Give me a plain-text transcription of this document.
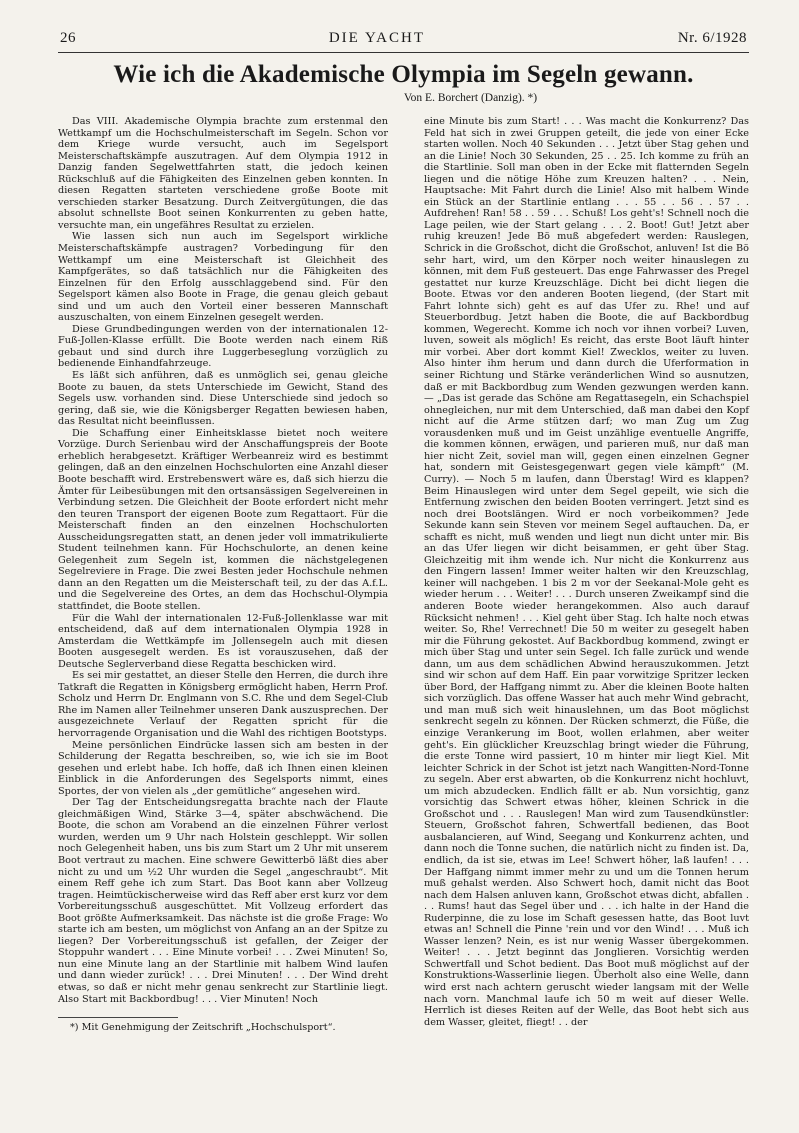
26	DIE YACHT	Nr. 6/1928
Wie ich die Akademische Olympia im Segeln gewann.
Von E. Borchert (Danzig). *)

Das VIII. Akademische Olympia brachte zum erstenmal den Wettkampf um die Hochschulmeisterschaft im Segeln. Schon vor dem Kriege wurde versucht, auch im Segelsport Meisterschaftskämpfe auszutragen. Auf dem Olympia 1912 in Danzig fanden Segelwettfahrten statt, die jedoch keinen Rückschluß auf die Fähigkeiten des Einzelnen geben konnten. In diesen Regatten starteten verschiedene große Boote mit verschieden starker Besatzung. Durch Zeitvergütungen, die das absolut schnellste Boot seinen Konkurrenten zu geben hatte, versuchte man, ein ungefähres Resultat zu erzielen.

Wie lassen sich nun auch im Segelsport wirkliche Meisterschaftskämpfe austragen? Vorbedingung für den Wettkampf um eine Meisterschaft ist Gleichheit des Kampfgerätes, so daß tatsächlich nur die Fähigkeiten des Einzelnen für den Erfolg ausschlaggebend sind. Für den Segelsport kämen also Boote in Frage, die genau gleich gebaut sind und um auch den Vorteil einer besseren Mannschaft auszuschalten, von einem Einzelnen gesegelt werden.

Diese Grundbedingungen werden von der internationalen 12-Fuß-Jollen-Klasse erfüllt. Die Boote werden nach einem Riß gebaut und sind durch ihre Luggerbeseglung vorzüglich zu bedienende Einhandfahrzeuge.

Es läßt sich anführen, daß es unmöglich sei, genau gleiche Boote zu bauen, da stets Unterschiede im Gewicht, Stand des Segels usw. vorhanden sind. Diese Unterschiede sind jedoch so gering, daß sie, wie die Königsberger Regatten bewiesen haben, das Resultat nicht beeinflussen.

Die Schaffung einer Einheitsklasse bietet noch weitere Vorzüge. Durch Serienbau wird der Anschaffungspreis der Boote erheblich herabgesetzt. Kräftiger Werbeanreiz wird es bestimmt gelingen, daß an den einzelnen Hochschulorten eine Anzahl dieser Boote beschafft wird. Erstrebenswert wäre es, daß sich hierzu die Ämter für Leibesübungen mit den ortsansässigen Segelvereinen in Verbindung setzen. Die Gleichheit der Boote erfordert nicht mehr den teuren Transport der eigenen Boote zum Regattaort. Für die Meisterschaft finden an den einzelnen Hochschulorten Ausscheidungsregatten statt, an denen jeder voll immatrikulierte Student teilnehmen kann. Für Hochschulorte, an denen keine Gelegenheit zum Segeln ist, kommen die nächstgelegenen Segelreviere in Frage. Die zwei Besten jeder Hochschule nehmen dann an den Regatten um die Meisterschaft teil, zu der das A.f.L. und die Segelvereine des Ortes, an dem das Hochschul-Olympia stattfindet, die Boote stellen.

Für die Wahl der internationalen 12-Fuß-Jollenklasse war mit entscheidend, daß auf dem internationalen Olympia 1928 in Amsterdam die Wettkämpfe im Jollensegeln auch mit diesen Booten ausgesegelt werden. Es ist vorauszusehen, daß der Deutsche Seglerverband diese Regatta beschicken wird.

Es sei mir gestattet, an dieser Stelle den Herren, die durch ihre Tatkraft die Regatten in Königsberg ermöglicht haben, Herrn Prof. Scholz und Herrn Dr. Englmann von S.C. Rhe und dem Segel-Club Rhe im Namen aller Teilnehmer unseren Dank auszusprechen. Der ausgezeichnete Verlauf der Regatten spricht für die hervorragende Organisation und die Wahl des richtigen Bootstyps.

Meine persönlichen Eindrücke lassen sich am besten in der Schilderung der Regatta beschreiben, so, wie ich sie im Boot gesehen und erlebt habe. Ich hoffe, daß ich Ihnen einen kleinen Einblick in die Anforderungen des Segelsports nimmt, eines Sportes, der von vielen als „der gemütliche“ angesehen wird.

Der Tag der Entscheidungsregatta brachte nach der Flaute gleichmäßigen Wind, Stärke 3—4, später abschwächend. Die Boote, die schon am Vorabend an die einzelnen Führer verlost wurden, werden um 9 Uhr nach Holstein geschleppt. Wir sollen noch Gelegenheit haben, uns bis zum Start um 2 Uhr mit unserem Boot vertraut zu machen. Eine schwere Gewitterbö läßt dies aber nicht zu und um ½2 Uhr wurden die Segel „angeschraubt“. Mit einem Reff gehe ich zum Start. Das Boot kann aber Vollzeug tragen. Heimtückischerweise wird das Reff aber erst kurz vor dem Vorbereitungsschuß ausgeschüttet. Mit Vollzeug erfordert das Boot größte Aufmerksamkeit. Das nächste ist die große Frage: Wo starte ich am besten, um möglichst von Anfang an an der Spitze zu liegen? Der Vorbereitungsschuß ist gefallen, der Zeiger der Stoppuhr wandert . . . Eine Minute vorbei! . . . Zwei Minuten! So, nun eine Minute lang an der Startlinie mit halbem Wind laufen und dann wieder zurück! . . . Drei Minuten! . . . Der Wind dreht etwas, so daß er nicht mehr genau senkrecht zur Startlinie liegt. Also Start mit Backbordbug! . . . Vier Minuten! Noch

eine Minute bis zum Start! . . . Was macht die Konkurrenz? Das Feld hat sich in zwei Gruppen geteilt, die jede von einer Ecke starten wollen. Noch 40 Sekunden . . . Jetzt über Stag gehen und an die Linie! Noch 30 Sekunden, 25 . . 25. Ich komme zu früh an die Startlinie. Soll man oben in der Ecke mit flatternden Segeln liegen und die nötige Höhe zum Kreuzen halten? . . . Nein, Hauptsache: Mit Fahrt durch die Linie! Also mit halbem Winde ein Stück an der Startlinie entlang . . . 55 . . 56 . . 57 . . Aufdrehen! Ran! 58 . . 59 . . . Schuß! Los geht's! Schnell noch die Lage peilen, wie der Start gelang . . . 2. Boot! Gut! Jetzt aber ruhig kreuzen! Jede Bö muß abgefedert werden: Rauslegen, Schrick in die Großschot, dicht die Großschot, anluven! Ist die Bö sehr hart, wird, um den Körper noch weiter hinauslegen zu können, mit dem Fuß gesteuert. Das enge Fahrwasser des Pregel gestattet nur kurze Kreuzschläge. Dicht bei dicht liegen die Boote. Etwas vor den anderen Booten liegend, (der Start mit Fahrt lohnte sich) geht es auf das Ufer zu. Rhe! und auf Steuerbordbug. Jetzt haben die Boote, die auf Backbordbug kommen, Wegerecht. Komme ich noch vor ihnen vorbei? Luven, luven, soweit als möglich! Es reicht, das erste Boot läuft hinter mir vorbei. Aber dort kommt Kiel! Zwecklos, weiter zu luven. Also hinter ihm herum und dann durch die Uferformation in seiner Richtung und Stärke veränderlichen Wind so ausnutzen, daß er mit Backbordbug zum Wenden gezwungen werden kann. — „Das ist gerade das Schöne am Regattasegeln, ein Schachspiel ohnegleichen, nur mit dem Unterschied, daß man dabei den Kopf nicht auf die Arme stützen darf; wo man Zug um Zug vorausdenken muß und im Geist unzählige eventuelle Angriffe, die kommen können, erwägen, und parieren muß, nur daß man hier nicht Zeit, soviel man will, gegen einen einzelnen Gegner hat, sondern mit Geistesgegenwart gegen viele kämpft“ (M. Curry). — Noch 5 m laufen, dann Überstag! Wird es klappen? Beim Hinauslegen wird unter dem Segel gepeilt, wie sich die Entfernung zwischen den beiden Booten verringert. Jetzt sind es noch drei Bootslängen. Wird er noch vorbeikommen? Jede Sekunde kann sein Steven vor meinem Segel auftauchen. Da, er schafft es nicht, muß wenden und liegt nun dicht unter mir. Bis an das Ufer liegen wir dicht beisammen, er geht über Stag. Gleichzeitig mit ihm wende ich. Nur nicht die Konkurrenz aus den Fingern lassen! Immer weiter halten wir den Kreuzschlag, keiner will nachgeben. 1 bis 2 m vor der Seekanal-Mole geht es wieder herum . . . Weiter! . . . Durch unseren Zweikampf sind die anderen Boote wieder herangekommen. Also auch darauf Rücksicht nehmen! . . . Kiel geht über Stag. Ich halte noch etwas weiter. So, Rhe! Verrechnet! Die 50 m weiter zu gesegelt haben mir die Führung gekostet. Auf Backbordbug kommend, zwingt er mich über Stag und unter sein Segel. Ich falle zurück und wende dann, um aus dem schädlichen Abwind herauszukommen. Jetzt sind wir schon auf dem Haff. Ein paar vorwitzige Spritzer lecken über Bord, der Haffgang nimmt zu. Aber die kleinen Boote halten sich vorzüglich. Das offene Wasser hat auch mehr Wind gebracht, und man muß sich weit hinauslehnen, um das Boot möglichst senkrecht segeln zu können. Der Rücken schmerzt, die Füße, die einzige Verankerung im Boot, wollen erlahmen, aber weiter geht's. Ein glücklicher Kreuzschlag bringt wieder die Führung, die erste Tonne wird passiert, 10 m hinter mir liegt Kiel. Mit leichter Schrick in der Schot ist jetzt nach Wangitten-Nord-Tonne zu segeln. Aber erst abwarten, ob die Konkurrenz nicht hochluvt, um mich abzudecken. Endlich fällt er ab. Nun vorsichtig, ganz vorsichtig das Schwert etwas höher, kleinen Schrick in die Großschot und . . . Rauslegen! Man wird zum Tausendkünstler: Steuern, Großschot fahren, Schwertfall bedienen, das Boot ausbalancieren, auf Wind, Seegang und Konkurrenz achten, und dann noch die Tonne suchen, die natürlich nicht zu finden ist. Da, endlich, da ist sie, etwas im Lee! Schwert höher, laß laufen! . . . Der Haffgang nimmt immer mehr zu und um die Tonnen herum muß gehalst werden. Also Schwert hoch, damit nicht das Boot nach dem Halsen anluven kann, Großschot etwas dicht, abfallen . . . Rums! haut das Segel über und . . . ich halte in der Hand die Ruderpinne, die zu lose im Schaft gesessen hatte, das Boot luvt etwas an! Schnell die Pinne 'rein und vor den Wind! . . . Muß ich Wasser lenzen? Nein, es ist nur wenig Wasser übergekommen. Weiter! . . . Jetzt beginnt das Jonglieren. Vorsichtig werden Schwertfall und Schot bedient. Das Boot muß möglichst auf der Konstruktions-Wasserlinie liegen. Überholt also eine Welle, dann wird erst nach achtern geruscht wieder langsam mit der Welle nach vorn. Manchmal laufe ich 50 m weit auf dieser Welle. Herrlich ist dieses Reiten auf der Welle, das Boot hebt sich aus dem Wasser, gleitet, fliegt! . . der

*) Mit Genehmigung der Zeitschrift „Hochschulsport“.
